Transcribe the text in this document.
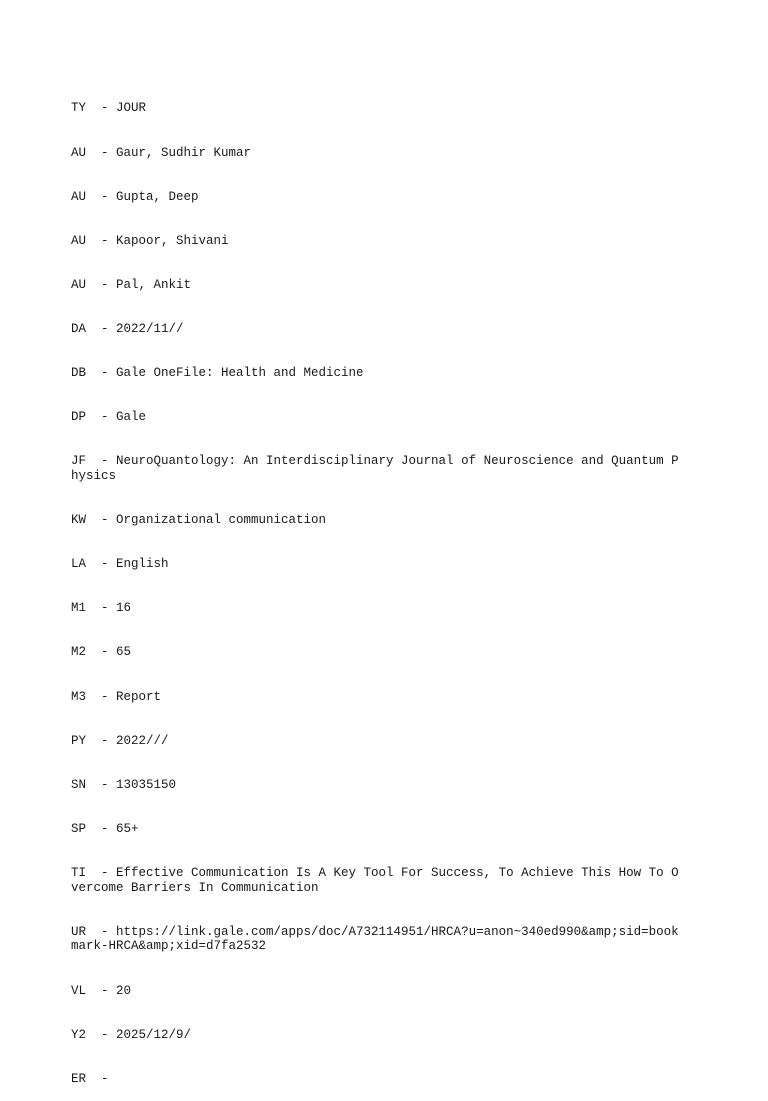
TY  - JOUR

AU  - Gaur, Sudhir Kumar

AU  - Gupta, Deep

AU  - Kapoor, Shivani

AU  - Pal, Ankit

DA  - 2022/11//

DB  - Gale OneFile: Health and Medicine

DP  - Gale

JF  - NeuroQuantology: An Interdisciplinary Journal of Neuroscience and Quantum Physics

KW  - Organizational communication

LA  - English

M1  - 16

M2  - 65

M3  - Report

PY  - 2022///

SN  - 13035150

SP  - 65+

TI  - Effective Communication Is A Key Tool For Success, To Achieve This How To Overcome Barriers In Communication

UR  - https://link.gale.com/apps/doc/A732114951/HRCA?u=anon~340ed990&amp;sid=bookmark-HRCA&amp;xid=d7fa2532

VL  - 20

Y2  - 2025/12/9/

ER  -
